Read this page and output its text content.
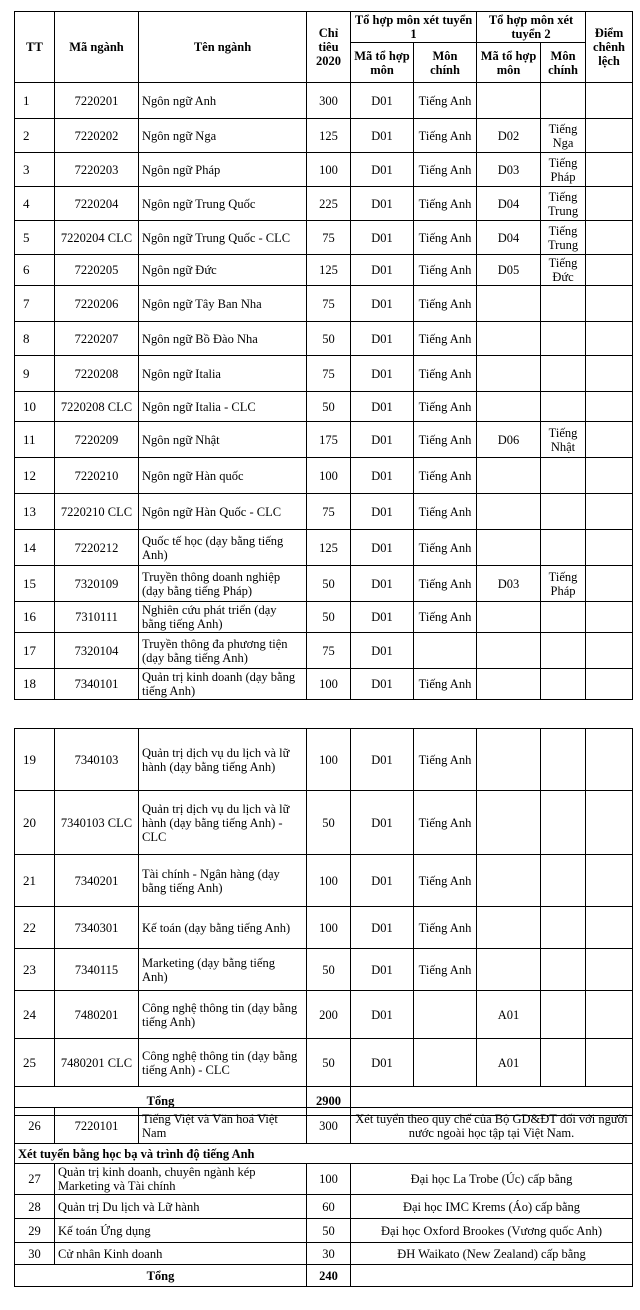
TT	Mã ngành	Tên ngành	Chỉ tiêu 2020	Tổ hợp môn xét tuyển 1		Tổ hợp môn xét tuyển 2		Điểm chênh lệch
				Mã tổ hợp môn	Môn chính	Mã tổ hợp môn	Môn chính	
1	7220201	Ngôn ngữ Anh	300	D01	Tiếng Anh			
2	7220202	Ngôn ngữ Nga	125	D01	Tiếng Anh	D02	Tiếng Nga	
3	7220203	Ngôn ngữ Pháp	100	D01	Tiếng Anh	D03	Tiếng Pháp	
4	7220204	Ngôn ngữ Trung Quốc	225	D01	Tiếng Anh	D04	Tiếng Trung	
5	7220204 CLC	Ngôn ngữ Trung Quốc - CLC	75	D01	Tiếng Anh	D04	Tiếng Trung	
6	7220205	Ngôn ngữ Đức	125	D01	Tiếng Anh	D05	Tiếng Đức	
7	7220206	Ngôn ngữ Tây Ban Nha	75	D01	Tiếng Anh			
8	7220207	Ngôn ngữ Bồ Đào Nha	50	D01	Tiếng Anh			
9	7220208	Ngôn ngữ Italia	75	D01	Tiếng Anh			
10	7220208 CLC	Ngôn ngữ Italia - CLC	50	D01	Tiếng Anh			
11	7220209	Ngôn ngữ Nhật	175	D01	Tiếng Anh	D06	Tiếng Nhật	
12	7220210	Ngôn ngữ Hàn quốc	100	D01	Tiếng Anh			
13	7220210 CLC	Ngôn ngữ Hàn Quốc - CLC	75	D01	Tiếng Anh			
14	7220212	Quốc tế học (dạy bằng tiếng Anh)	125	D01	Tiếng Anh			
15	7320109	Truyền thông doanh nghiệp (dạy bằng tiếng Pháp)	50	D01	Tiếng Anh	D03	Tiếng Pháp	
16	7310111	Nghiên cứu phát triển (dạy bằng tiếng Anh)	50	D01	Tiếng Anh			
17	7320104	Truyền thông đa phương tiện (dạy bằng tiếng Anh)	75	D01				
18	7340101	Quản trị kinh doanh (dạy bằng tiếng Anh)	100	D01	Tiếng Anh			
19	7340103	Quản trị dịch vụ du lịch và lữ hành (dạy bằng tiếng Anh)	100	D01	Tiếng Anh			
20	7340103 CLC	Quản trị dịch vụ du lịch và lữ hành (dạy bằng tiếng Anh) - CLC	50	D01	Tiếng Anh			
21	7340201	Tài chính - Ngân hàng (dạy bằng tiếng Anh)	100	D01	Tiếng Anh			
22	7340301	Kế toán (dạy bằng tiếng Anh)	100	D01	Tiếng Anh			
23	7340115	Marketing (dạy bằng tiếng Anh)	50	D01	Tiếng Anh			
24	7480201	Công nghệ thông tin (dạy bằng tiếng Anh)	200	D01		A01		
25	7480201 CLC	Công nghệ thông tin (dạy bằng tiếng Anh) - CLC	50	D01		A01		
Tổng			2900					
26	7220101	Tiếng Việt và Văn hoá Việt Nam	300	Xét tuyển theo quy chế của Bộ GD&ĐT đối với người nước ngoài học tập tại Việt Nam.
Xét tuyển bằng học bạ và trình độ tiếng Anh				
27	Quản trị kinh doanh, chuyên ngành kép Marketing và Tài chính		100	Đại học La Trobe (Úc) cấp bằng
28	Quản trị Du lịch và Lữ hành		60	Đại học IMC Krems (Áo) cấp bằng
29	Kế toán Ứng dụng		50	Đại học Oxford Brookes (Vương quốc Anh)
30	Cử nhân Kinh doanh		30	ĐH Waikato (New Zealand) cấp bằng
Tổng			240	
